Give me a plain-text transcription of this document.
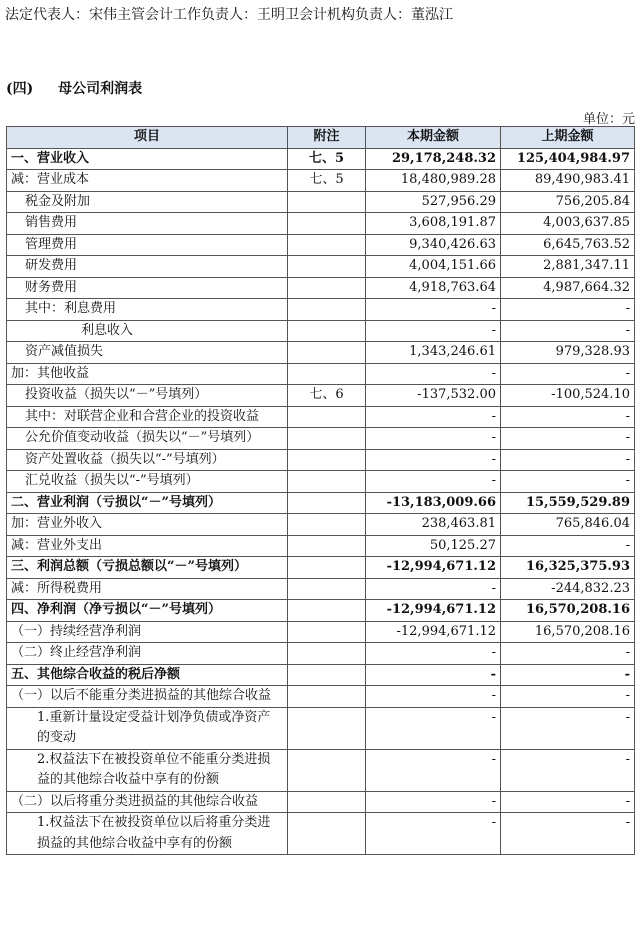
法定代表人：宋伟主管会计工作负责人：王明卫会计机构负责人：董泓江
(四) 母公司利润表
单位：元
项目	附注	本期金额	上期金额
一、营业收入	七、5	29,178,248.32	125,404,984.97
减：营业成本	七、5	18,480,989.28	89,490,983.41
税金及附加		527,956.29	756,205.84
销售费用		3,608,191.87	4,003,637.85
管理费用		9,340,426.63	6,645,763.52
研发费用		4,004,151.66	2,881,347.11
财务费用		4,918,763.64	4,987,664.32
其中：利息费用		-	-
利息收入		-	-
资产减值损失		1,343,246.61	979,328.93
加：其他收益		-	-
投资收益（损失以“－”号填列）	七、6	-137,532.00	-100,524.10
其中：对联营企业和合营企业的投资收益		-	-
公允价值变动收益（损失以“－”号填列）		-	-
资产处置收益（损失以“-”号填列）		-	-
汇兑收益（损失以“-”号填列）		-	-
二、营业利润（亏损以“－”号填列）		-13,183,009.66	15,559,529.89
加：营业外收入		238,463.81	765,846.04
减：营业外支出		50,125.27	-
三、利润总额（亏损总额以“－”号填列）		-12,994,671.12	16,325,375.93
减：所得税费用		-	-244,832.23
四、净利润（净亏损以“－”号填列）		-12,994,671.12	16,570,208.16
（一）持续经营净利润		-12,994,671.12	16,570,208.16
（二）终止经营净利润		-	-
五、其他综合收益的税后净额		-	-
（一）以后不能重分类进损益的其他综合收益		-	-
1.重新计量设定受益计划净负债或净资产的变动		-	-
2.权益法下在被投资单位不能重分类进损益的其他综合收益中享有的份额		-	-
（二）以后将重分类进损益的其他综合收益		-	-
1.权益法下在被投资单位以后将重分类进损益的其他综合收益中享有的份额		-	-
